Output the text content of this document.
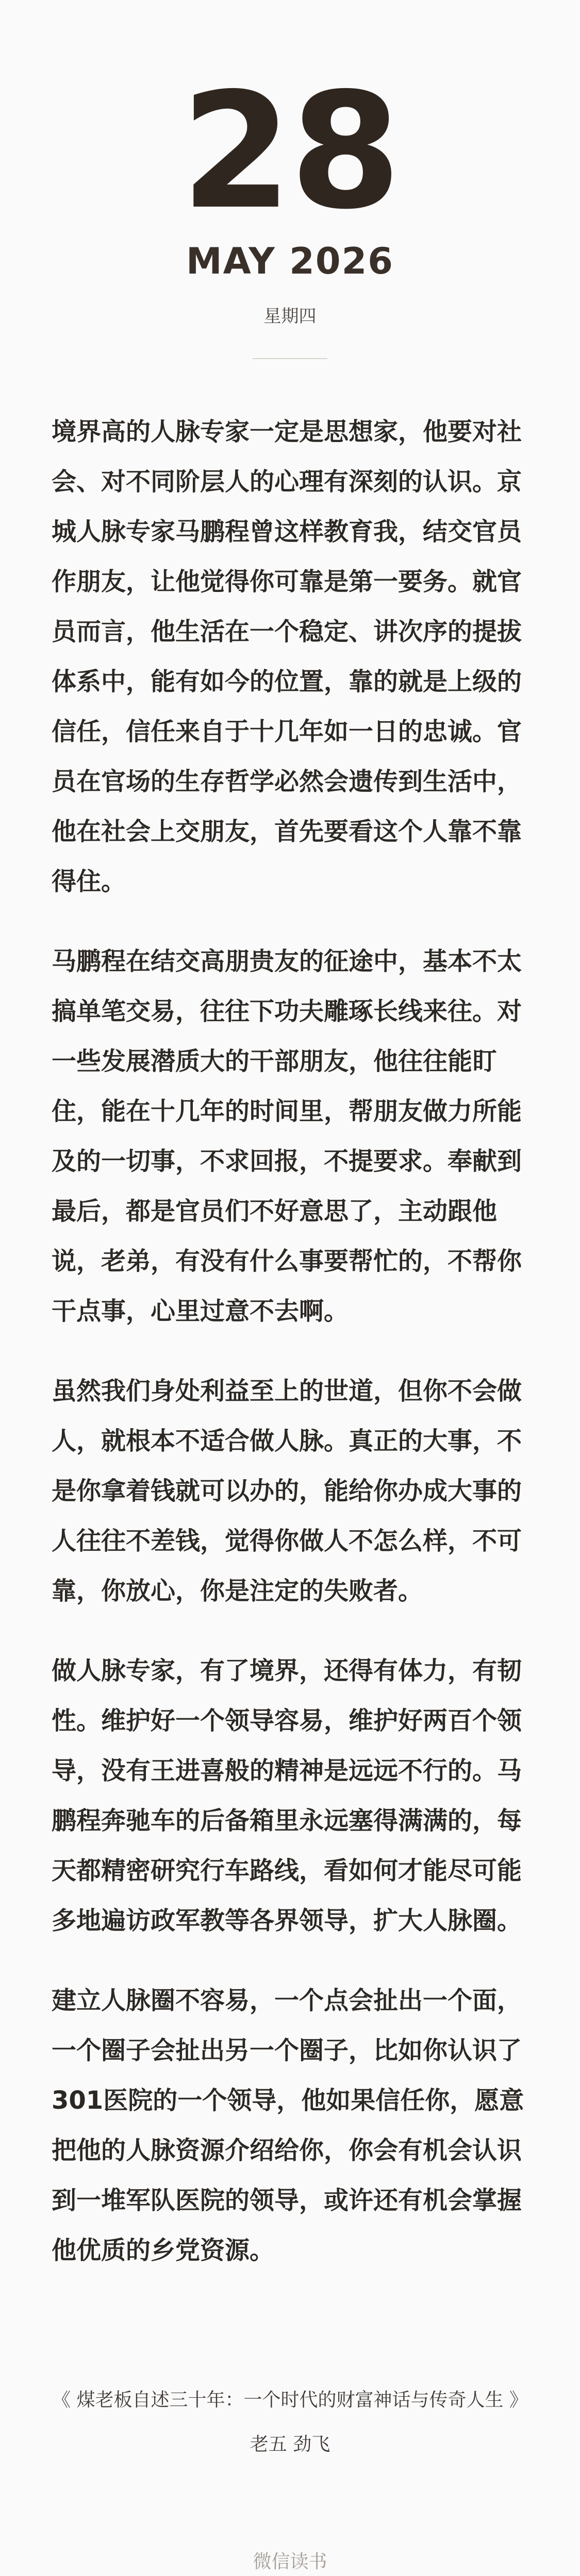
28
MAY 2026
星期四

境界高的人脉专家一定是思想家，他要对社会、对不同阶层人的心理有深刻的认识。京城人脉专家马鹏程曾这样教育我，结交官员作朋友，让他觉得你可靠是第一要务。就官员而言，他生活在一个稳定、讲次序的提拔体系中，能有如今的位置，靠的就是上级的信任，信任来自于十几年如一日的忠诚。官员在官场的生存哲学必然会遗传到生活中，他在社会上交朋友，首先要看这个人靠不靠得住。

马鹏程在结交高朋贵友的征途中，基本不太搞单笔交易，往往下功夫雕琢长线来往。对一些发展潜质大的干部朋友，他往往能盯住，能在十几年的时间里，帮朋友做力所能及的一切事，不求回报，不提要求。奉献到最后，都是官员们不好意思了，主动跟他说，老弟，有没有什么事要帮忙的，不帮你干点事，心里过意不去啊。

虽然我们身处利益至上的世道，但你不会做人，就根本不适合做人脉。真正的大事，不是你拿着钱就可以办的，能给你办成大事的人往往不差钱，觉得你做人不怎么样，不可靠，你放心，你是注定的失败者。

做人脉专家，有了境界，还得有体力，有韧性。维护好一个领导容易，维护好两百个领导，没有王进喜般的精神是远远不行的。马鹏程奔驰车的后备箱里永远塞得满满的，每天都精密研究行车路线，看如何才能尽可能多地遍访政军教等各界领导，扩大人脉圈。

建立人脉圈不容易，一个点会扯出一个面，一个圈子会扯出另一个圈子，比如你认识了301医院的一个领导，他如果信任你，愿意把他的人脉资源介绍给你，你会有机会认识到一堆军队医院的领导，或许还有机会掌握他优质的乡党资源。

《 煤老板自述三十年：一个时代的财富神话与传奇人生 》
老五 劲飞
微信读书
